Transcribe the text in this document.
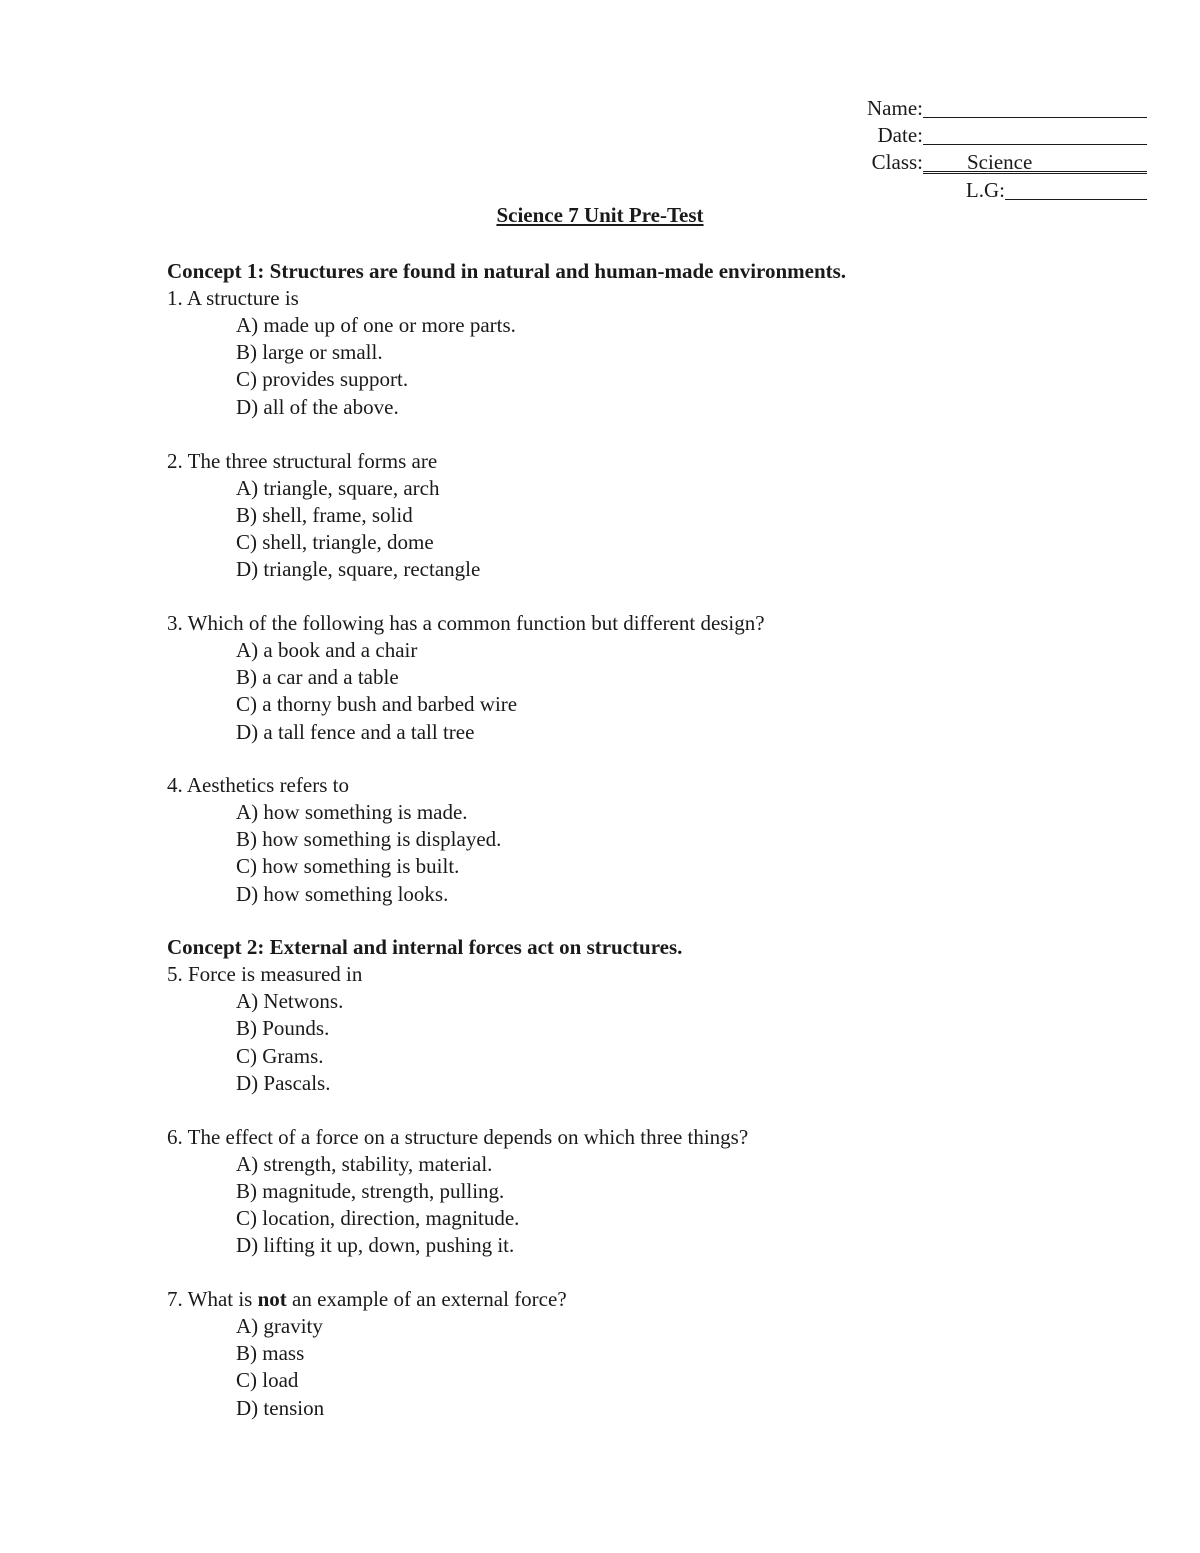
Name:
Date:
Class: Science
L.G:
Science 7 Unit Pre-Test
Concept 1: Structures are found in natural and human-made environments.
1. A structure is
A) made up of one or more parts.
B) large or small.
C) provides support.
D) all of the above.
2. The three structural forms are
A) triangle, square, arch
B) shell, frame, solid
C) shell, triangle, dome
D) triangle, square, rectangle
3. Which of the following has a common function but different design?
A) a book and a chair
B) a car and a table
C) a thorny bush and barbed wire
D) a tall fence and a tall tree
4. Aesthetics refers to
A) how something is made.
B) how something is displayed.
C) how something is built.
D) how something looks.
Concept 2: External and internal forces act on structures.
5. Force is measured in
A) Netwons.
B) Pounds.
C) Grams.
D) Pascals.
6. The effect of a force on a structure depends on which three things?
A) strength, stability, material.
B) magnitude, strength, pulling.
C) location, direction, magnitude.
D) lifting it up, down, pushing it.
7. What is not an example of an external force?
A) gravity
B) mass
C) load
D) tension
